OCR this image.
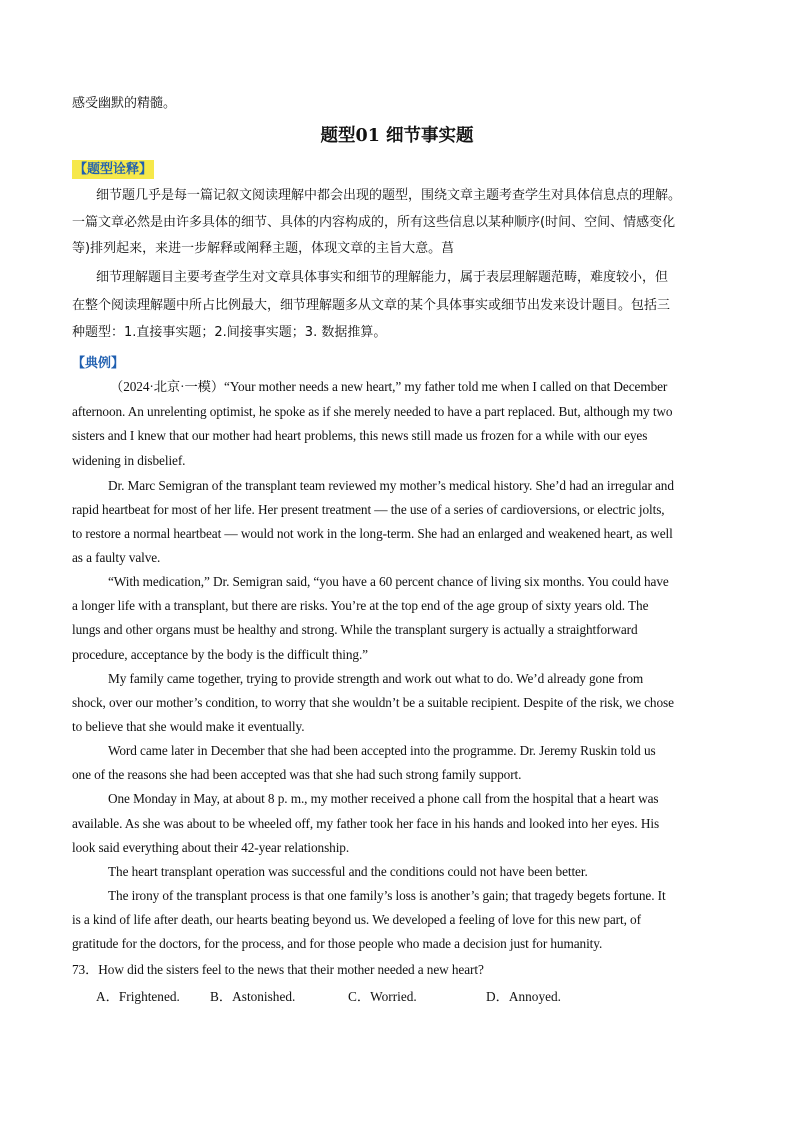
感受幽默的精髓。
题型01 细节事实题
【题型诠释】
细节题几乎是每一篇记叙文阅读理解中都会出现的题型，围绕文章主题考查学生对具体信息点的理解。
一篇文章必然是由许多具体的细节、具体的内容构成的，所有这些信息以某种顺序(时间、空间、情感变化
等)排列起来，来进一步解释或阐释主题，体现文章的主旨大意。菖
细节理解题目主要考查学生对文章具体事实和细节的理解能力，属于表层理解题范畴，难度较小，但
在整个阅读理解题中所占比例最大，细节理解题多从文章的某个具体事实或细节出发来设计题目。包括三
种题型：1.直接事实题；2.间接事实题；3. 数据推算。
【典例】
（2024·北京·一模）“Your mother needs a new heart,” my father told me when I called on that December
afternoon. An unrelenting optimist, he spoke as if she merely needed to have a part replaced. But, although my two
sisters and I knew that our mother had heart problems, this news still made us frozen for a while with our eyes
widening in disbelief.
Dr. Marc Semigran of the transplant team reviewed my mother’s medical history. She’d had an irregular and
rapid heartbeat for most of her life. Her present treatment — the use of a series of cardioversions, or electric jolts,
to restore a normal heartbeat — would not work in the long-term. She had an enlarged and weakened heart, as well
as a faulty valve.
“With medication,” Dr. Semigran said, “you have a 60 percent chance of living six months. You could have
a longer life with a transplant, but there are risks. You’re at the top end of the age group of sixty years old. The
lungs and other organs must be healthy and strong. While the transplant surgery is actually a straightforward
procedure, acceptance by the body is the difficult thing.”
My family came together, trying to provide strength and work out what to do. We’d already gone from
shock, over our mother’s condition, to worry that she wouldn’t be a suitable recipient. Despite of the risk, we chose
to believe that she would make it eventually.
Word came later in December that she had been accepted into the programme. Dr. Jeremy Ruskin told us
one of the reasons she had been accepted was that she had such strong family support.
One Monday in May, at about 8 p. m., my mother received a phone call from the hospital that a heart was
available. As she was about to be wheeled off, my father took her face in his hands and looked into her eyes. His
look said everything about their 42-year relationship.
The heart transplant operation was successful and the conditions could not have been better.
The irony of the transplant process is that one family’s loss is another’s gain; that tragedy begets fortune. It
is a kind of life after death, our hearts beating beyond us. We developed a feeling of love for this new part, of
gratitude for the doctors, for the process, and for those people who made a decision just for humanity.
73．How did the sisters feel to the news that their mother needed a new heart?
A．Frightened. B．Astonished.	C．Worried.	D．Annoyed.
